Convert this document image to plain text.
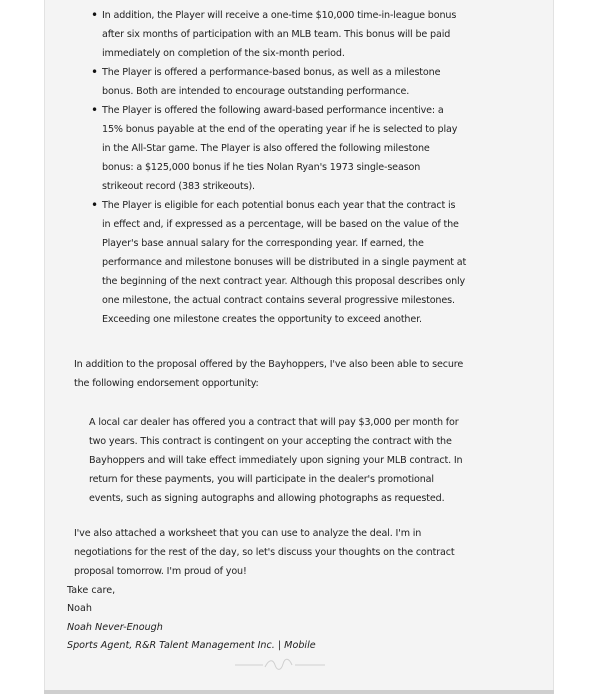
• In addition, the Player will receive a one-time $10,000 time-in-league bonus
after six months of participation with an MLB team. This bonus will be paid
immediately on completion of the six-month period.
• The Player is offered a performance-based bonus, as well as a milestone
bonus. Both are intended to encourage outstanding performance.
• The Player is offered the following award-based performance incentive: a
15% bonus payable at the end of the operating year if he is selected to play
in the All-Star game. The Player is also offered the following milestone
bonus: a $125,000 bonus if he ties Nolan Ryan's 1973 single-season
strikeout record (383 strikeouts).
• The Player is eligible for each potential bonus each year that the contract is
in effect and, if expressed as a percentage, will be based on the value of the
Player's base annual salary for the corresponding year. If earned, the
performance and milestone bonuses will be distributed in a single payment at
the beginning of the next contract year. Although this proposal describes only
one milestone, the actual contract contains several progressive milestones.
Exceeding one milestone creates the opportunity to exceed another.
In addition to the proposal offered by the Bayhoppers, I've also been able to secure
the following endorsement opportunity:
A local car dealer has offered you a contract that will pay $3,000 per month for
two years. This contract is contingent on your accepting the contract with the
Bayhoppers and will take effect immediately upon signing your MLB contract. In
return for these payments, you will participate in the dealer's promotional
events, such as signing autographs and allowing photographs as requested.
I've also attached a worksheet that you can use to analyze the deal. I'm in
negotiations for the rest of the day, so let's discuss your thoughts on the contract
proposal tomorrow. I'm proud of you!
Take care,
Noah
Noah Never-Enough
Sports Agent, R&R Talent Management Inc. | Mobile
